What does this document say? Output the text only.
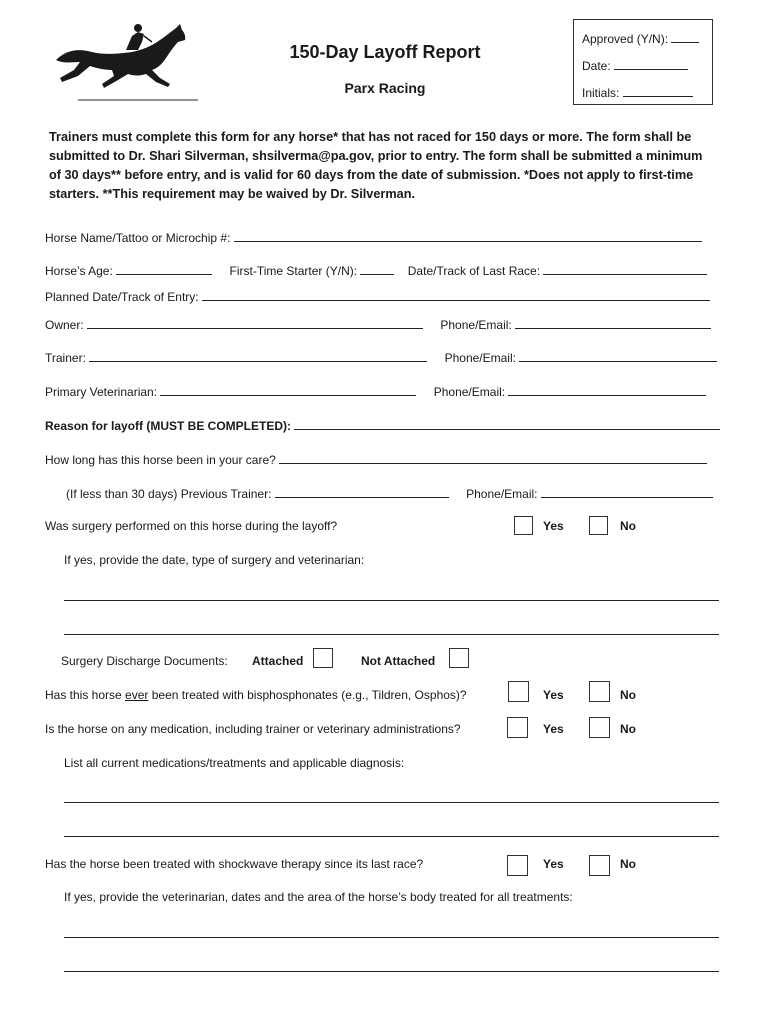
150-Day Layoff Report
Parx Racing
Approved (Y/N):
Date:
Initials:
Trainers must complete this form for any horse* that has not raced for 150 days or more. The form shall be submitted to Dr. Shari Silverman, shsilverma@pa.gov, prior to entry. The form shall be submitted a minimum of 30 days** before entry, and is valid for 60 days from the date of submission. *Does not apply to first-time starters. **This requirement may be waived by Dr. Silverman.
Horse Name/Tattoo or Microchip #:
Horse’s Age:	First-Time Starter (Y/N):	Date/Track of Last Race:
Planned Date/Track of Entry:
Owner:	Phone/Email:
Trainer:	Phone/Email:
Primary Veterinarian:	Phone/Email:
Reason for layoff (MUST BE COMPLETED):
How long has this horse been in your care?
(If less than 30 days) Previous Trainer:	Phone/Email:
Was surgery performed on this horse during the layoff?	Yes	No
If yes, provide the date, type of surgery and veterinarian:
Surgery Discharge Documents:	Attached	Not Attached
Has this horse ever been treated with bisphosphonates (e.g., Tildren, Osphos)?	Yes	No
Is the horse on any medication, including trainer or veterinary administrations?	Yes	No
List all current medications/treatments and applicable diagnosis:
Has the horse been treated with shockwave therapy since its last race?	Yes	No
If yes, provide the veterinarian, dates and the area of the horse’s body treated for all treatments:
